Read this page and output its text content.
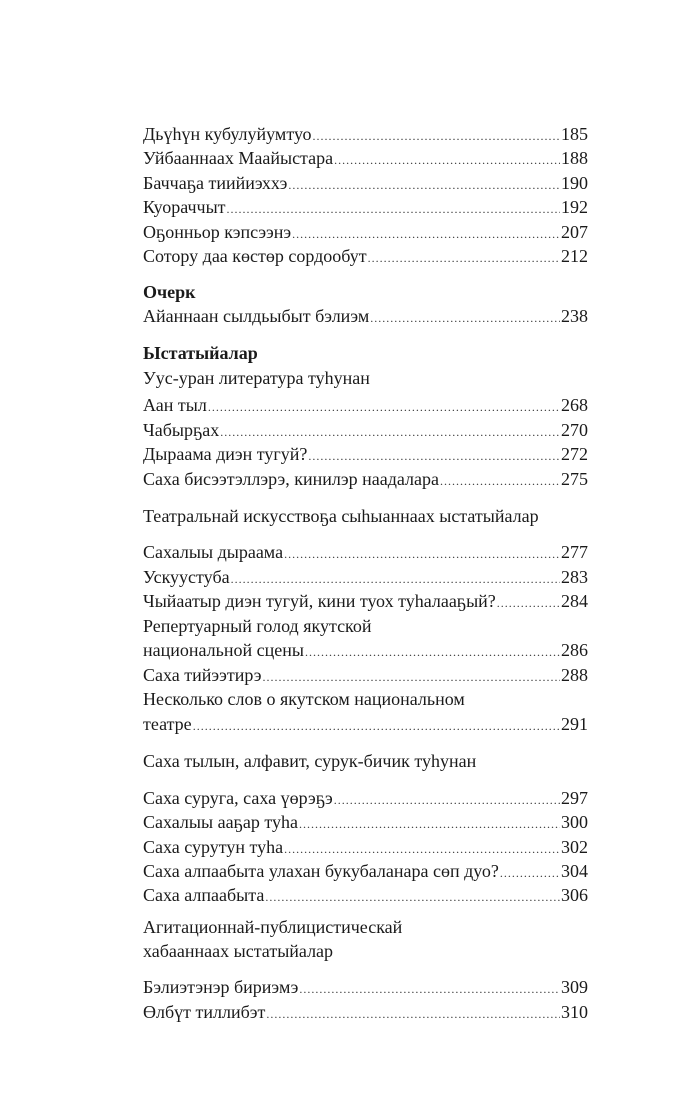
Дьүһүн кубулуйумтуо .....	185
Уйбааннаах Маайыстара .....	188
Баччаҕа тиийиэххэ .....	190
Куораччыт .....	192
Оҕонньор кэпсээнэ .....	207
Сотору даа көстөр сордообут .....	212
Очерк
Айаннаан сылдьыбыт бэлиэм .....	238
Ыстатыйалар
Уус-уран литература туһунан
Аан тыл .....	268
Чабырҕах .....	270
Дыраама диэн тугуй? .....	272
Саха бисээтэллэрэ, кинилэр наадалара .....	275
Театральнай искусствоҕа сыһыаннаах ыстатыйалар
Сахалыы дыраама .....	277
Ускуустуба .....	283
Чыйаатыр диэн тугуй, кини туох туһалааҕый? .....	284
Репертуарный голод якутской
национальной сцены .....	286
Саха тийээтирэ .....	288
Несколько слов о якутском национальном
театре .....	291
Саха тылын, алфавит, сурук-бичик туһунан
Саха суруга, саха үөрэҕэ .....	297
Сахалыы ааҕар туһа .....	300
Саха сурутун туһа .....	302
Саха алпаабыта улахан букубаланара сөп дуо? .....	304
Саха алпаабыта .....	306
Агитационнай-публицистическай
хабааннаах ыстатыйалар
Бэлиэтэнэр бириэмэ .....	309
Өлбүт тиллибэт .....	310
